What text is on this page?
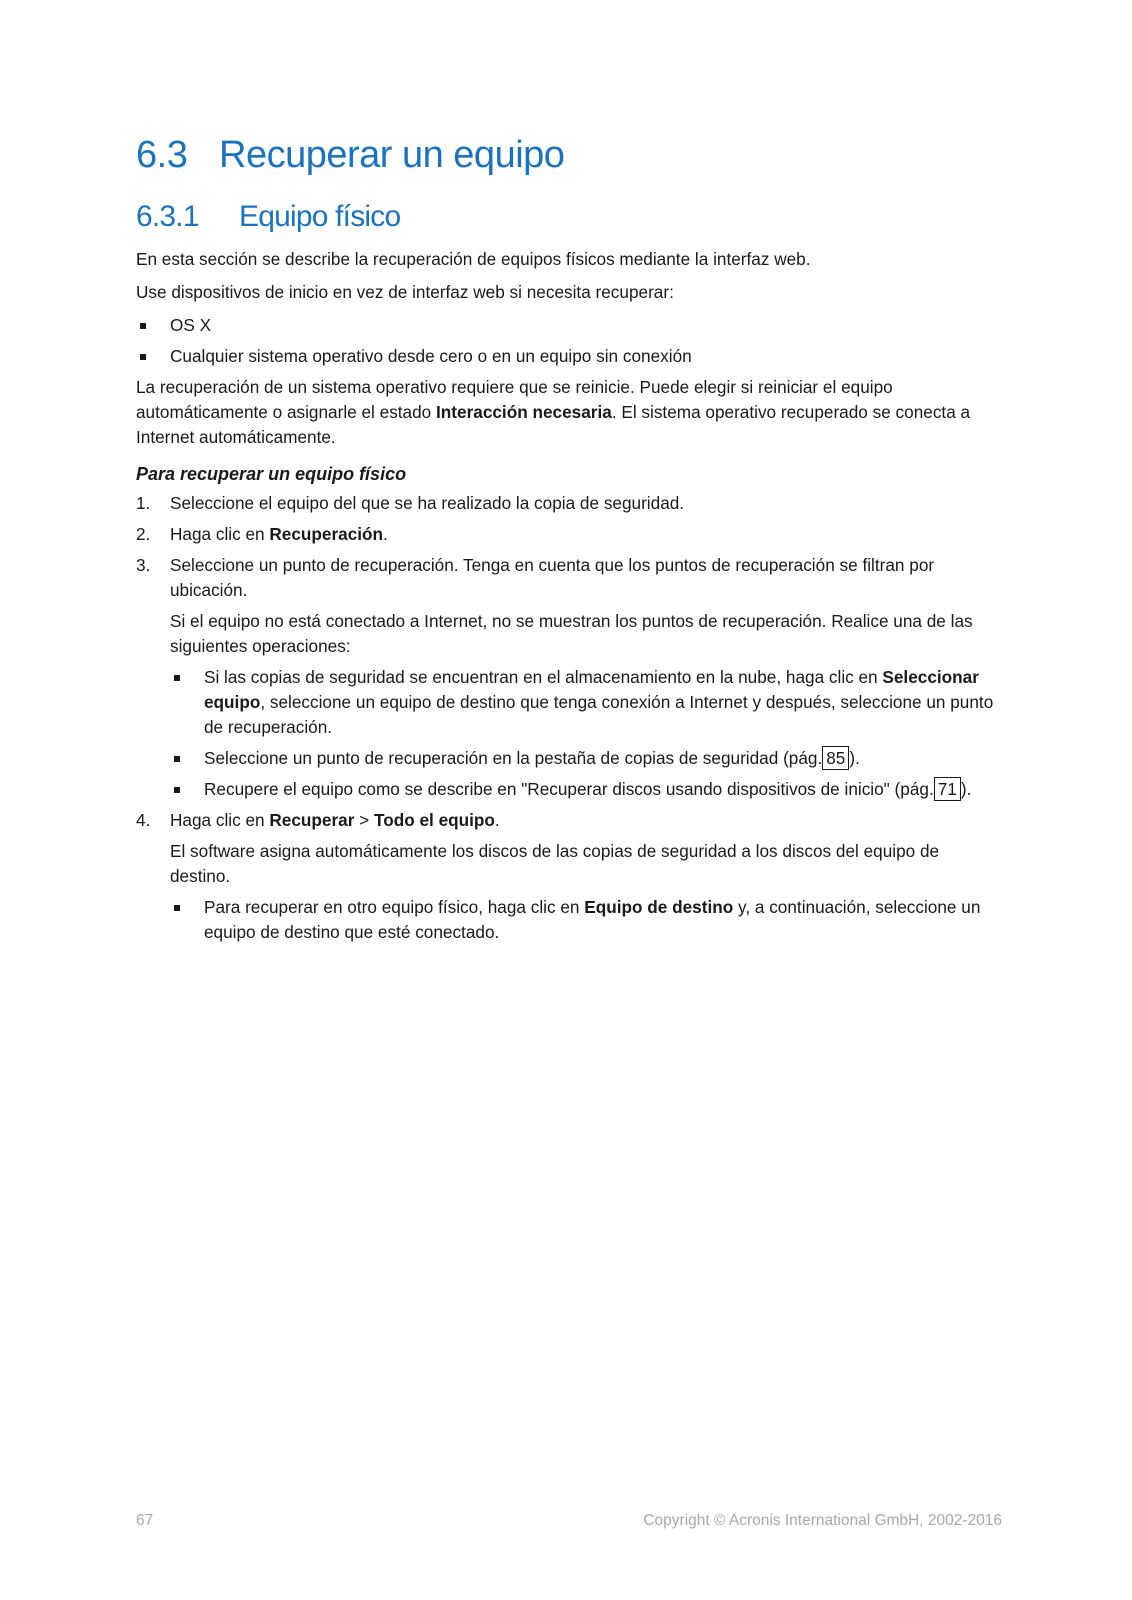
6.3 Recuperar un equipo
6.3.1 Equipo físico

En esta sección se describe la recuperación de equipos físicos mediante la interfaz web.

Use dispositivos de inicio en vez de interfaz web si necesita recuperar:

OS X
Cualquier sistema operativo desde cero o en un equipo sin conexión

La recuperación de un sistema operativo requiere que se reinicie. Puede elegir si reiniciar el equipo automáticamente o asignarle el estado Interacción necesaria. El sistema operativo recuperado se conecta a Internet automáticamente.

Para recuperar un equipo físico
1. Seleccione el equipo del que se ha realizado la copia de seguridad.
2. Haga clic en Recuperación.
3. Seleccione un punto de recuperación. Tenga en cuenta que los puntos de recuperación se filtran por ubicación.

Si el equipo no está conectado a Internet, no se muestran los puntos de recuperación. Realice una de las siguientes operaciones:

Si las copias de seguridad se encuentran en el almacenamiento en la nube, haga clic en Seleccionar equipo, seleccione un equipo de destino que tenga conexión a Internet y después, seleccione un punto de recuperación.
Seleccione un punto de recuperación en la pestaña de copias de seguridad (pág. 85 ).
Recupere el equipo como se describe en "Recuperar discos usando dispositivos de inicio" (pág. 71 ).
4. Haga clic en Recuperar > Todo el equipo.

El software asigna automáticamente los discos de las copias de seguridad a los discos del equipo de destino.

Para recuperar en otro equipo físico, haga clic en Equipo de destino y, a continuación, seleccione un equipo de destino que esté conectado.
67	Copyright © Acronis International GmbH, 2002-2016
